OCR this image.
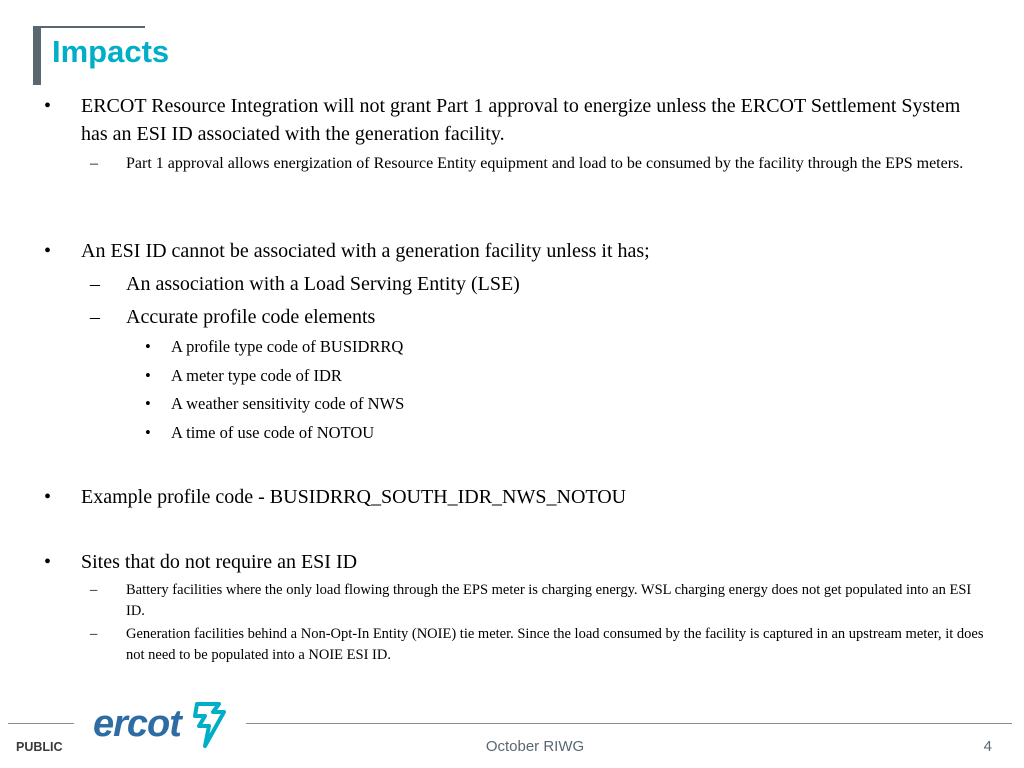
Impacts
• ERCOT Resource Integration will not grant Part 1 approval to energize unless the ERCOT Settlement System has an ESI ID associated with the generation facility.
– Part 1 approval allows energization of Resource Entity equipment and load to be consumed by the facility through the EPS meters.
• An ESI ID cannot be associated with a generation facility unless it has;
– An association with a Load Serving Entity (LSE)
– Accurate profile code elements
• A profile type code of BUSIDRRQ
• A meter type code of IDR
• A weather sensitivity code of NWS
• A time of use code of NOTOU
• Example profile code - BUSIDRRQ_SOUTH_IDR_NWS_NOTOU
• Sites that do not require an ESI ID
– Battery facilities where the only load flowing through the EPS meter is charging energy. WSL charging energy does not get populated into an ESI ID.
– Generation facilities behind a Non-Opt-In Entity (NOIE) tie meter. Since the load consumed by the facility is captured in an upstream meter, it does not need to be populated into a NOIE ESI ID.
ercot
PUBLIC	October RIWG	4
